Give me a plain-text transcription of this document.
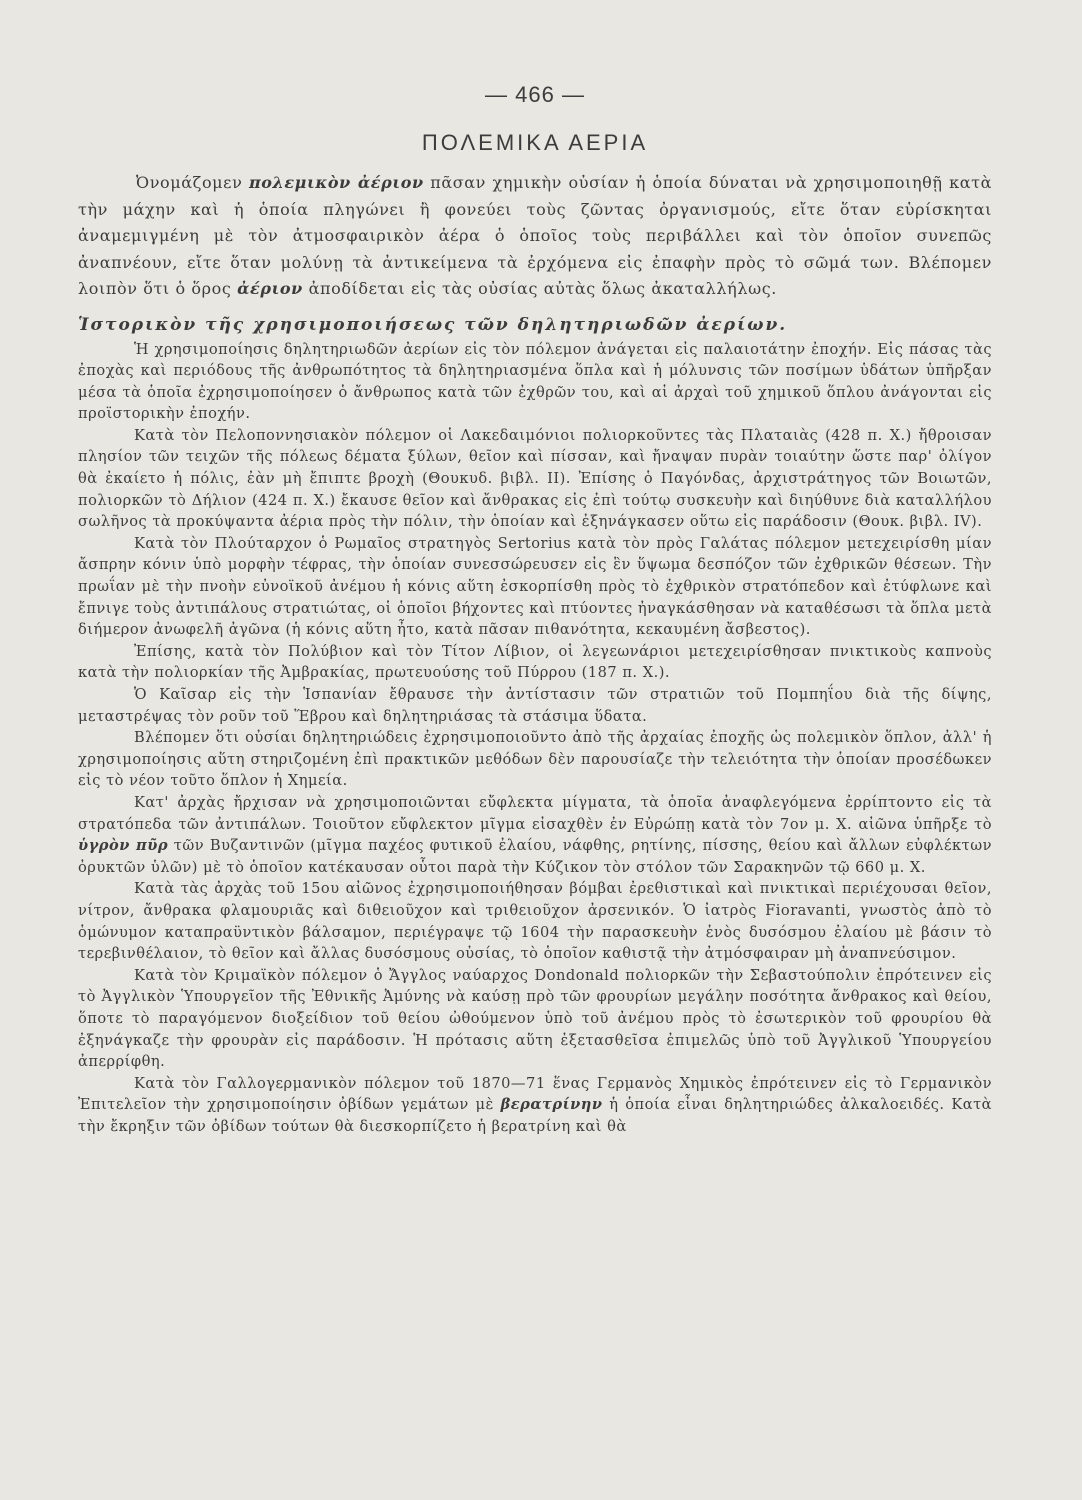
— 466 —
ΠΟΛΕΜΙΚΑ ΑΕΡΙΑ

Ὀνομάζομεν πολεμικὸν ἀέριον πᾶσαν χημικὴν οὐσίαν ἡ ὁποία δύναται νὰ χρησιμοποιηθῇ κατὰ τὴν μάχην καὶ ἡ ὁποία πληγώνει ἢ φονεύει τοὺς ζῶντας ὀργανισμούς, εἴτε ὅταν εὑρίσκηται ἀναμεμιγμένη μὲ τὸν ἀτμοσφαιρικὸν ἀέρα ὁ ὁποῖος τοὺς περιβάλλει καὶ τὸν ὁποῖον συνεπῶς ἀναπνέουν, εἴτε ὅταν μολύνῃ τὰ ἀντικείμενα τὰ ἐρχόμενα εἰς ἐπαφὴν πρὸς τὸ σῶμά των. Βλέπομεν λοιπὸν ὅτι ὁ ὅρος ἀέριον ἀποδίδεται εἰς τὰς οὐσίας αὐτὰς ὅλως ἀκαταλλήλως.

Ἱστορικὸν τῆς χρησιμοποιήσεως τῶν δηλητηριωδῶν ἀερίων.

Ἡ χρησιμοποίησις δηλητηριωδῶν ἀερίων εἰς τὸν πόλεμον ἀνάγεται εἰς παλαιοτάτην ἐποχήν. Εἰς πάσας τὰς ἐποχὰς καὶ περιόδους τῆς ἀνθρωπότητος τὰ δηλητηριασμένα ὅπλα καὶ ἡ μόλυνσις τῶν ποσίμων ὑδάτων ὑπῆρξαν μέσα τὰ ὁποῖα ἐχρησιμοποίησεν ὁ ἄνθρωπος κατὰ τῶν ἐχθρῶν του, καὶ αἱ ἀρχαὶ τοῦ χημικοῦ ὅπλου ἀνάγονται εἰς προϊστορικὴν ἐποχήν.

Κατὰ τὸν Πελοποννησιακὸν πόλεμον οἱ Λακεδαιμόνιοι πολιορκοῦντες τὰς Πλαταιὰς (428 π. Χ.) ἤθροισαν πλησίον τῶν τειχῶν τῆς πόλεως δέματα ξύλων, θεῖον καὶ πίσσαν, καὶ ἤναψαν πυρὰν τοιαύτην ὥστε παρ' ὀλίγον θὰ ἐκαίετο ἡ πόλις, ἐὰν μὴ ἔπιπτε βροχὴ (Θουκυδ. βιβλ. ΙΙ). Ἐπίσης ὁ Παγόνδας, ἀρχιστράτηγος τῶν Βοιωτῶν, πολιορκῶν τὸ Δήλιον (424 π. Χ.) ἔκαυσε θεῖον καὶ ἄνθρακας εἰς ἐπὶ τούτῳ συσκευὴν καὶ διηύθυνε διὰ καταλλήλου σωλῆνος τὰ προκύψαντα ἀέρια πρὸς τὴν πόλιν, τὴν ὁποίαν καὶ ἐξηνάγκασεν οὕτω εἰς παράδοσιν (Θουκ. βιβλ. ΙV).

Κατὰ τὸν Πλούταρχον ὁ Ρωμαῖος στρατηγὸς Sertorius κατὰ τὸν πρὸς Γαλάτας πόλεμον μετεχειρίσθη μίαν ἄσπρην κόνιν ὑπὸ μορφὴν τέφρας, τὴν ὁποίαν συνεσσώρευσεν εἰς ἓν ὕψωμα δεσπόζον τῶν ἐχθρικῶν θέσεων. Τὴν πρωΐαν μὲ τὴν πνοὴν εὐνοϊκοῦ ἀνέμου ἡ κόνις αὕτη ἐσκορπίσθη πρὸς τὸ ἐχθρικὸν στρατόπεδον καὶ ἐτύφλωνε καὶ ἔπνιγε τοὺς ἀντιπάλους στρατιώτας, οἱ ὁποῖοι βήχοντες καὶ πτύοντες ἠναγκάσθησαν νὰ καταθέσωσι τὰ ὅπλα μετὰ διήμερον ἀνωφελῆ ἀγῶνα (ἡ κόνις αὕτη ἦτο, κατὰ πᾶσαν πιθανότητα, κεκαυμένη ἄσβεστος).

Ἐπίσης, κατὰ τὸν Πολύβιον καὶ τὸν Τίτον Λίβιον, οἱ λεγεωνάριοι μετεχειρίσθησαν πνικτικοὺς καπνοὺς κατὰ τὴν πολιορκίαν τῆς Ἀμβρακίας, πρωτευούσης τοῦ Πύρρου (187 π. Χ.).

Ὁ Καῖσαρ εἰς τὴν Ἱσπανίαν ἔθραυσε τὴν ἀντίστασιν τῶν στρατιῶν τοῦ Πομπηΐου διὰ τῆς δίψης, μεταστρέψας τὸν ροῦν τοῦ Ἕβρου καὶ δηλητηριάσας τὰ στάσιμα ὕδατα.

Βλέπομεν ὅτι οὐσίαι δηλητηριώδεις ἐχρησιμοποιοῦντο ἀπὸ τῆς ἀρχαίας ἐποχῆς ὡς πολεμικὸν ὅπλον, ἀλλ' ἡ χρησιμοποίησις αὕτη στηριζομένη ἐπὶ πρακτικῶν μεθόδων δὲν παρουσίαζε τὴν τελειότητα τὴν ὁποίαν προσέδωκεν εἰς τὸ νέον τοῦτο ὅπλον ἡ Χημεία.

Κατ' ἀρχὰς ἤρχισαν νὰ χρησιμοποιῶνται εὔφλεκτα μίγματα, τὰ ὁποῖα ἀναφλεγόμενα ἐρρίπτοντο εἰς τὰ στρατόπεδα τῶν ἀντιπάλων. Τοιοῦτον εὔφλεκτον μῖγμα εἰσαχθὲν ἐν Εὐρώπῃ κατὰ τὸν 7ον μ. Χ. αἰῶνα ὑπῆρξε τὸ ὑγρὸν πῦρ τῶν Βυζαντινῶν (μῖγμα παχέος φυτικοῦ ἐλαίου, νάφθης, ρητίνης, πίσσης, θείου καὶ ἄλλων εὐφλέκτων ὀρυκτῶν ὑλῶν) μὲ τὸ ὁποῖον κατέκαυσαν οὗτοι παρὰ τὴν Κύζικον τὸν στόλον τῶν Σαρακηνῶν τῷ 660 μ. Χ.

Κατὰ τὰς ἀρχὰς τοῦ 15ου αἰῶνος ἐχρησιμοποιήθησαν βόμβαι ἐρεθιστικαὶ καὶ πνικτικαὶ περιέχουσαι θεῖον, νίτρον, ἄνθρακα φλαμουριᾶς καὶ διθειοῦχον καὶ τριθειοῦχον ἀρσενικόν. Ὁ ἰατρὸς Fioravanti, γνωστὸς ἀπὸ τὸ ὁμώνυμον καταπραϋντικὸν βάλσαμον, περιέγραψε τῷ 1604 τὴν παρασκευὴν ἑνὸς δυσόσμου ἐλαίου μὲ βάσιν τὸ τερεβινθέλαιον, τὸ θεῖον καὶ ἄλλας δυσόσμους οὐσίας, τὸ ὁποῖον καθιστᾷ τὴν ἀτμόσφαιραν μὴ ἀναπνεύσιμον.

Κατὰ τὸν Κριμαϊκὸν πόλεμον ὁ Ἄγγλος ναύαρχος Dondonald πολιορκῶν τὴν Σεβαστούπολιν ἐπρότεινεν εἰς τὸ Ἀγγλικὸν Ὑπουργεῖον τῆς Ἐθνικῆς Ἀμύνης νὰ καύσῃ πρὸ τῶν φρουρίων μεγάλην ποσότητα ἄνθρακος καὶ θείου, ὅποτε τὸ παραγόμενον διοξείδιον τοῦ θείου ὠθούμενον ὑπὸ τοῦ ἀνέμου πρὸς τὸ ἐσωτερικὸν τοῦ φρουρίου θὰ ἐξηνάγκαζε τὴν φρουρὰν εἰς παράδοσιν. Ἡ πρότασις αὕτη ἐξετασθεῖσα ἐπιμελῶς ὑπὸ τοῦ Ἀγγλικοῦ Ὑπουργείου ἀπερρίφθη.

Κατὰ τὸν Γαλλογερμανικὸν πόλεμον τοῦ 1870—71 ἕνας Γερμανὸς Χημικὸς ἐπρότεινεν εἰς τὸ Γερμανικὸν Ἐπιτελεῖον τὴν χρησιμοποίησιν ὀβίδων γεμάτων μὲ βερατρίνην ἡ ὁποία εἶναι δηλητηριώδες ἀλκαλοειδές. Κατὰ τὴν ἔκρηξιν τῶν ὀβίδων τούτων θὰ διεσκορπίζετο ἡ βερατρίνη καὶ θὰ
